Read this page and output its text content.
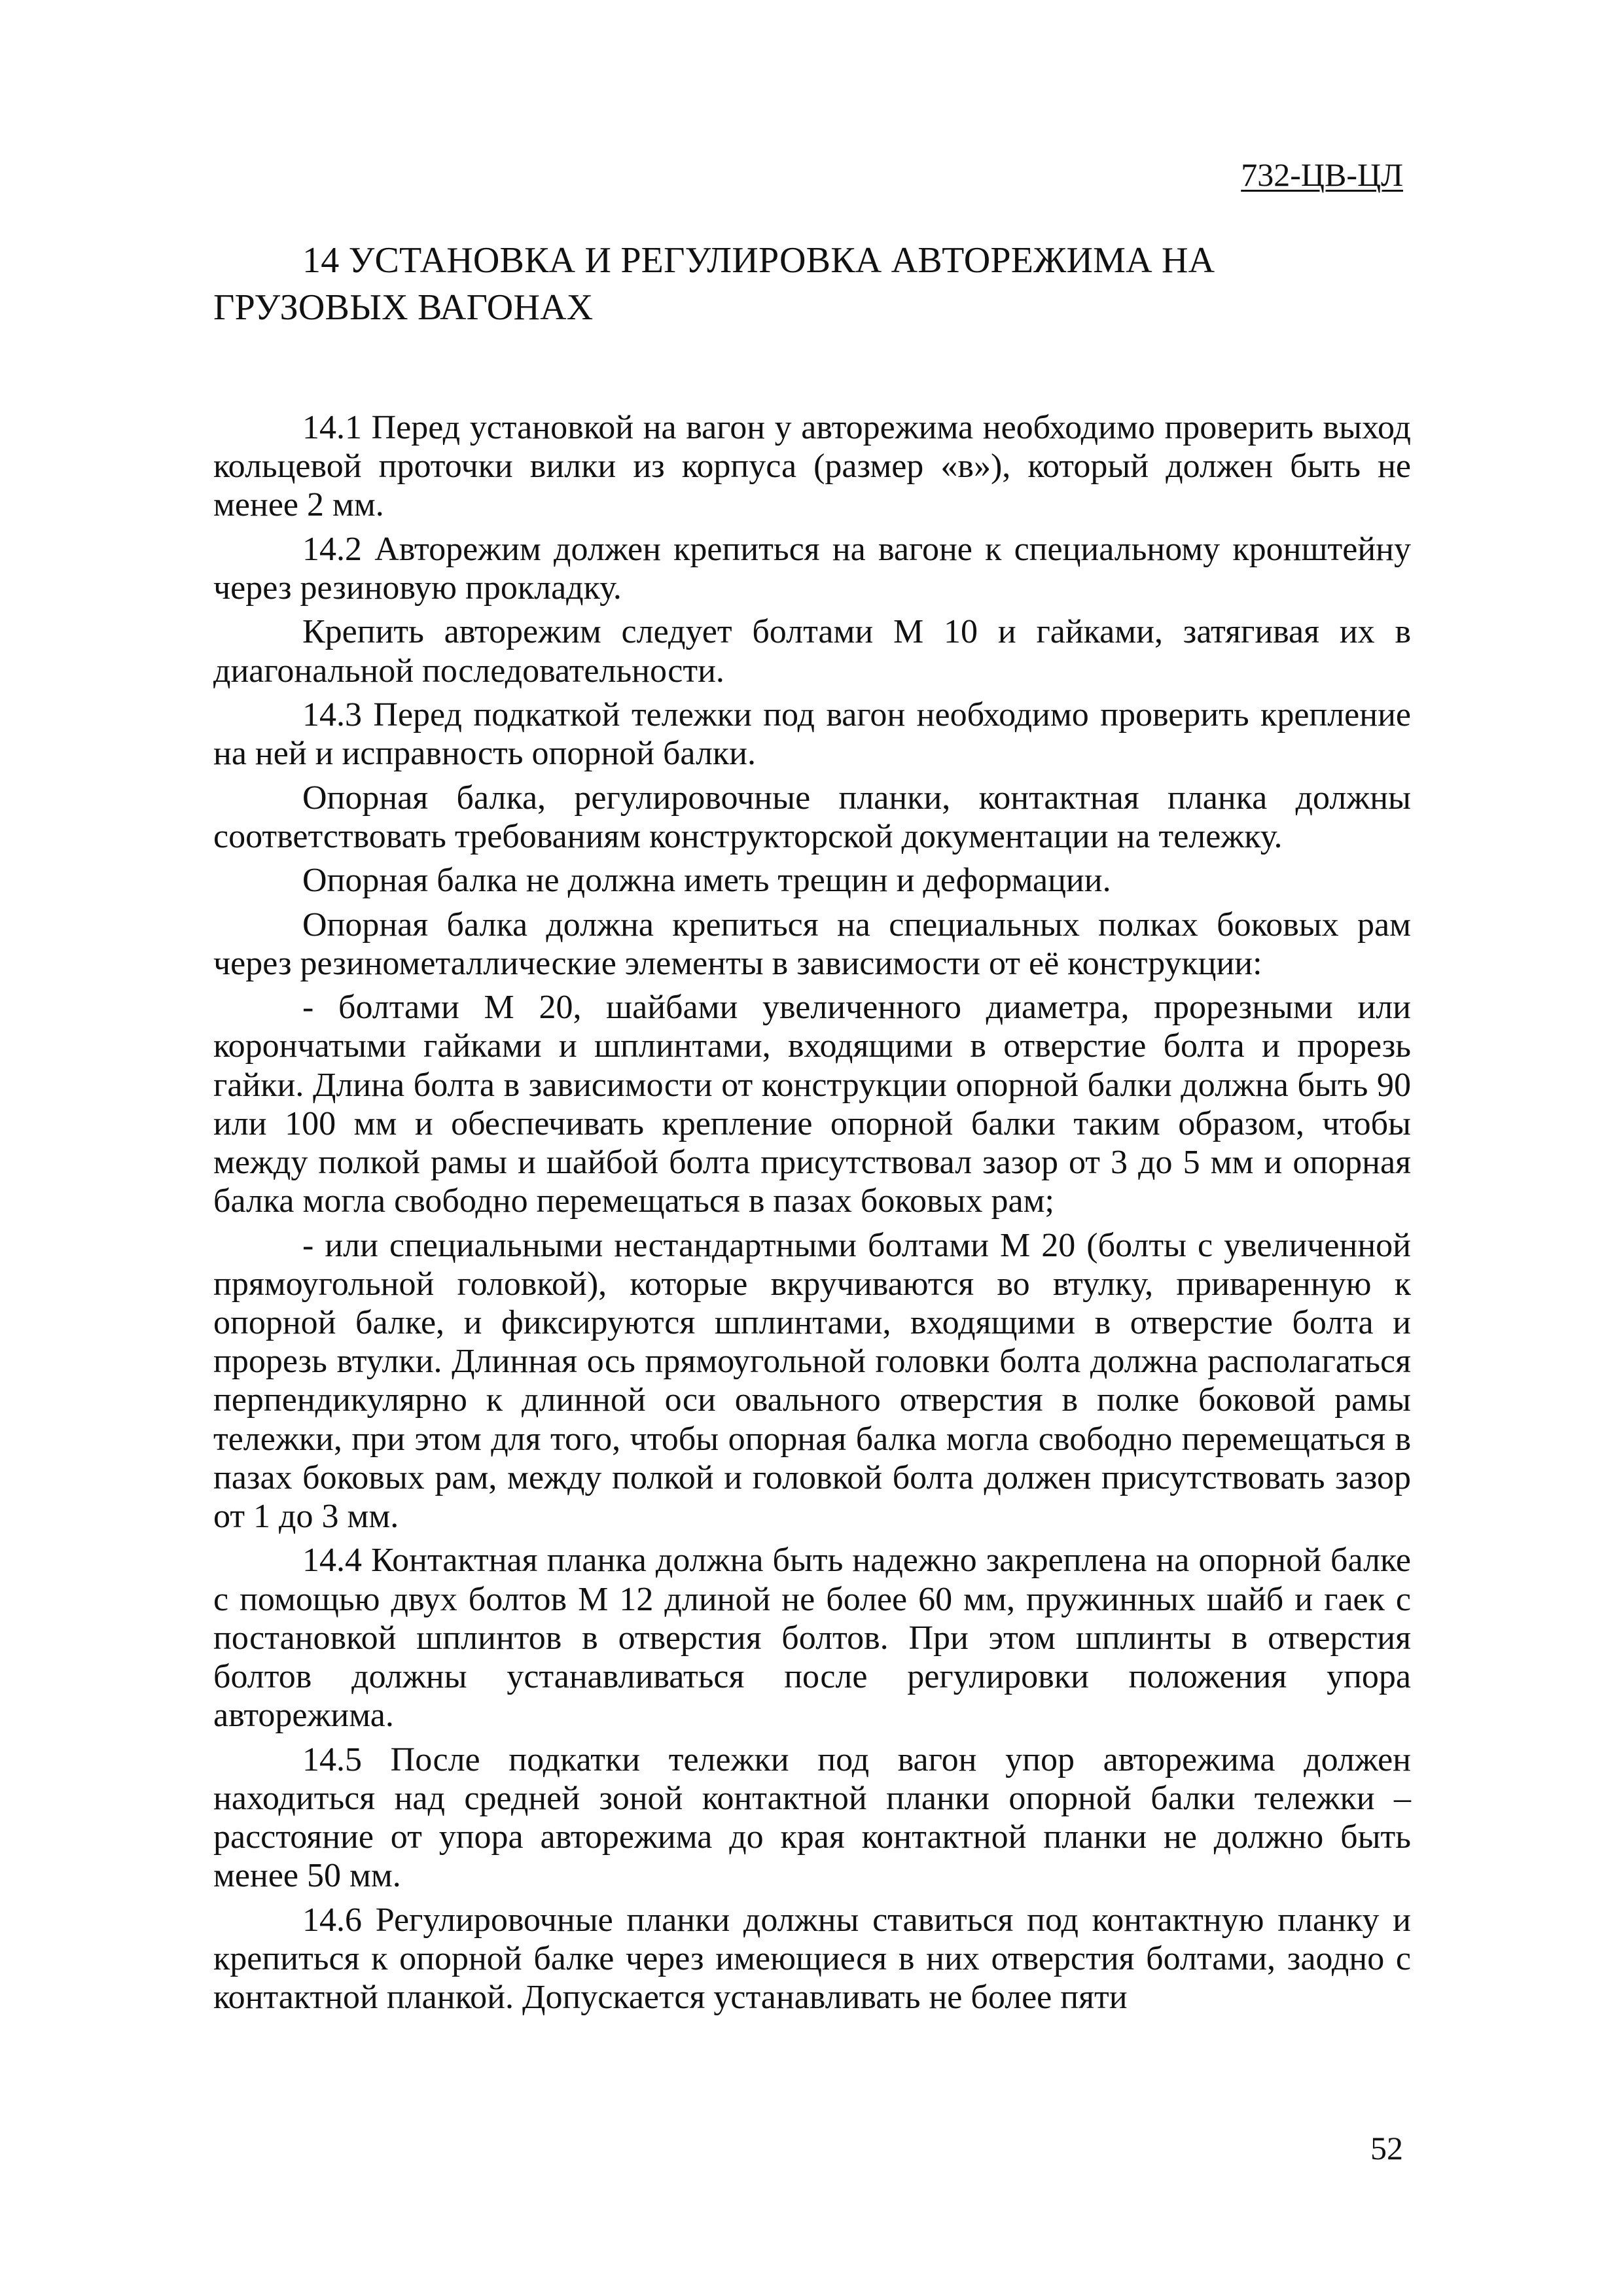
732-ЦВ-ЦЛ
14 УСТАНОВКА И РЕГУЛИРОВКА АВТОРЕЖИМА НА ГРУЗОВЫХ ВАГОНАХ

14.1 Перед установкой на вагон у авторежима необходимо проверить выход кольцевой проточки вилки из корпуса (размер «в»), который должен быть не менее 2 мм.

14.2 Авторежим должен крепиться на вагоне к специальному кронштейну через резиновую прокладку.

Крепить авторежим следует болтами М 10 и гайками, затягивая их в диагональной последовательности.

14.3 Перед подкаткой тележки под вагон необходимо проверить крепление на ней и исправность опорной балки.

Опорная балка, регулировочные планки, контактная планка должны соответствовать требованиям конструкторской документации на тележку.

Опорная балка не должна иметь трещин и деформации.

Опорная балка должна крепиться на специальных полках боковых рам через резинометаллические элементы в зависимости от её конструкции:

- болтами М 20, шайбами увеличенного диаметра, прорезными или корончатыми гайками и шплинтами, входящими в отверстие болта и прорезь гайки. Длина болта в зависимости от конструкции опорной балки должна быть 90 или 100 мм и обеспечивать крепление опорной балки таким образом, чтобы между полкой рамы и шайбой болта присутствовал зазор от 3 до 5 мм и опорная балка могла свободно перемещаться в пазах боковых рам;

- или специальными нестандартными болтами М 20 (болты с увеличенной прямоугольной головкой), которые вкручиваются во втулку, приваренную к опорной балке, и фиксируются шплинтами, входящими в отверстие болта и прорезь втулки. Длинная ось прямоугольной головки болта должна располагаться перпендикулярно к длинной оси овального отверстия в полке боковой рамы тележки, при этом для того, чтобы опорная балка могла свободно перемещаться в пазах боковых рам, между полкой и головкой болта должен присутствовать зазор от 1 до 3 мм.

14.4 Контактная планка должна быть надежно закреплена на опорной балке с помощью двух болтов М 12 длиной не более 60 мм, пружинных шайб и гаек с постановкой шплинтов в отверстия болтов. При этом шплинты в отверстия болтов должны устанавливаться после регулировки положения упора авторежима.

14.5 После подкатки тележки под вагон упор авторежима должен находиться над средней зоной контактной планки опорной балки тележки – расстояние от упора авторежима до края контактной планки не должно быть менее 50 мм.

14.6 Регулировочные планки должны ставиться под контактную планку и крепиться к опорной балке через имеющиеся в них отверстия болтами, заодно с контактной планкой. Допускается устанавливать не более пяти

52
